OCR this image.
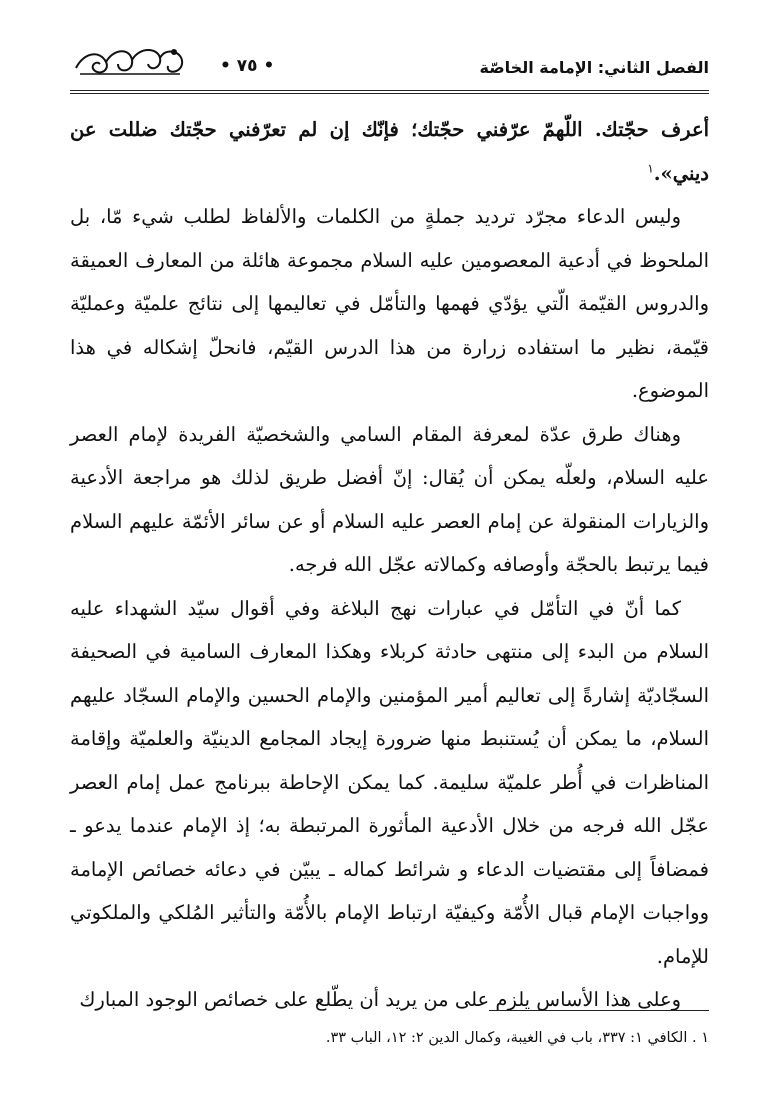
• ٧٥ •	الفصل الثاني: الإمامة الخاصّة

أعرف حجّتك. اللّهمّ عرّفني حجّتك؛ فإنّك إن لم تعرّفني حجّتك ضللت عن ديني».$^١$

وليس الدعاء مجرّد ترديد جملةٍ من الكلمات والألفاظ لطلب شيء مّا، بل الملحوظ في أدعية المعصومين عليه السلام مجموعة هائلة من المعارف العميقة والدروس القيّمة الّتي يؤدّي فهمها والتأمّل في تعاليمها إلى نتائج علميّة وعمليّة قيّمة، نظير ما استفاده زرارة من هذا الدرس القيّم، فانحلّ إشكاله في هذا الموضوع.

وهناك طرق عدّة لمعرفة المقام السامي والشخصيّة الفريدة لإمام العصر عليه السلام، ولعلّه يمكن أن يُقال: إنّ أفضل طريق لذلك هو مراجعة الأدعية والزيارات المنقولة عن إمام العصر عليه السلام أو عن سائر الأئمّة عليهم السلام فيما يرتبط بالحجّة وأوصافه وكمالاته عجّل الله فرجه.

كما أنّ في التأمّل في عبارات نهج البلاغة وفي أقوال سيّد الشهداء عليه السلام من البدء إلى منتهى حادثة كربلاء وهكذا المعارف السامية في الصحيفة السجّاديّة إشارةً إلى تعاليم أمير المؤمنين والإمام الحسين والإمام السجّاد عليهم السلام، ما يمكن أن يُستنبط منها ضرورة إيجاد المجامع الدينيّة والعلميّة وإقامة المناظرات في أُطر علميّة سليمة. كما يمكن الإحاطة ببرنامج عمل إمام العصر عجّل الله فرجه من خلال الأدعية المأثورة المرتبطة به؛ إذ الإمام عندما يدعو ـ فمضافاً إلى مقتضيات الدعاء و شرائط كماله ـ يبيّن في دعائه خصائص الإمامة وواجبات الإمام قبال الأُمّة وكيفيّة ارتباط الإمام بالأُمّة والتأثير المُلكي والملكوتي للإمام.

وعلى هذا الأساس يلزم على من يريد أن يطّلع على خصائص الوجود المبارك

١ . الكافي ١: ٣٣٧، باب في الغيبة، وكمال الدين ٢: ١٢، الباب ٣٣.
